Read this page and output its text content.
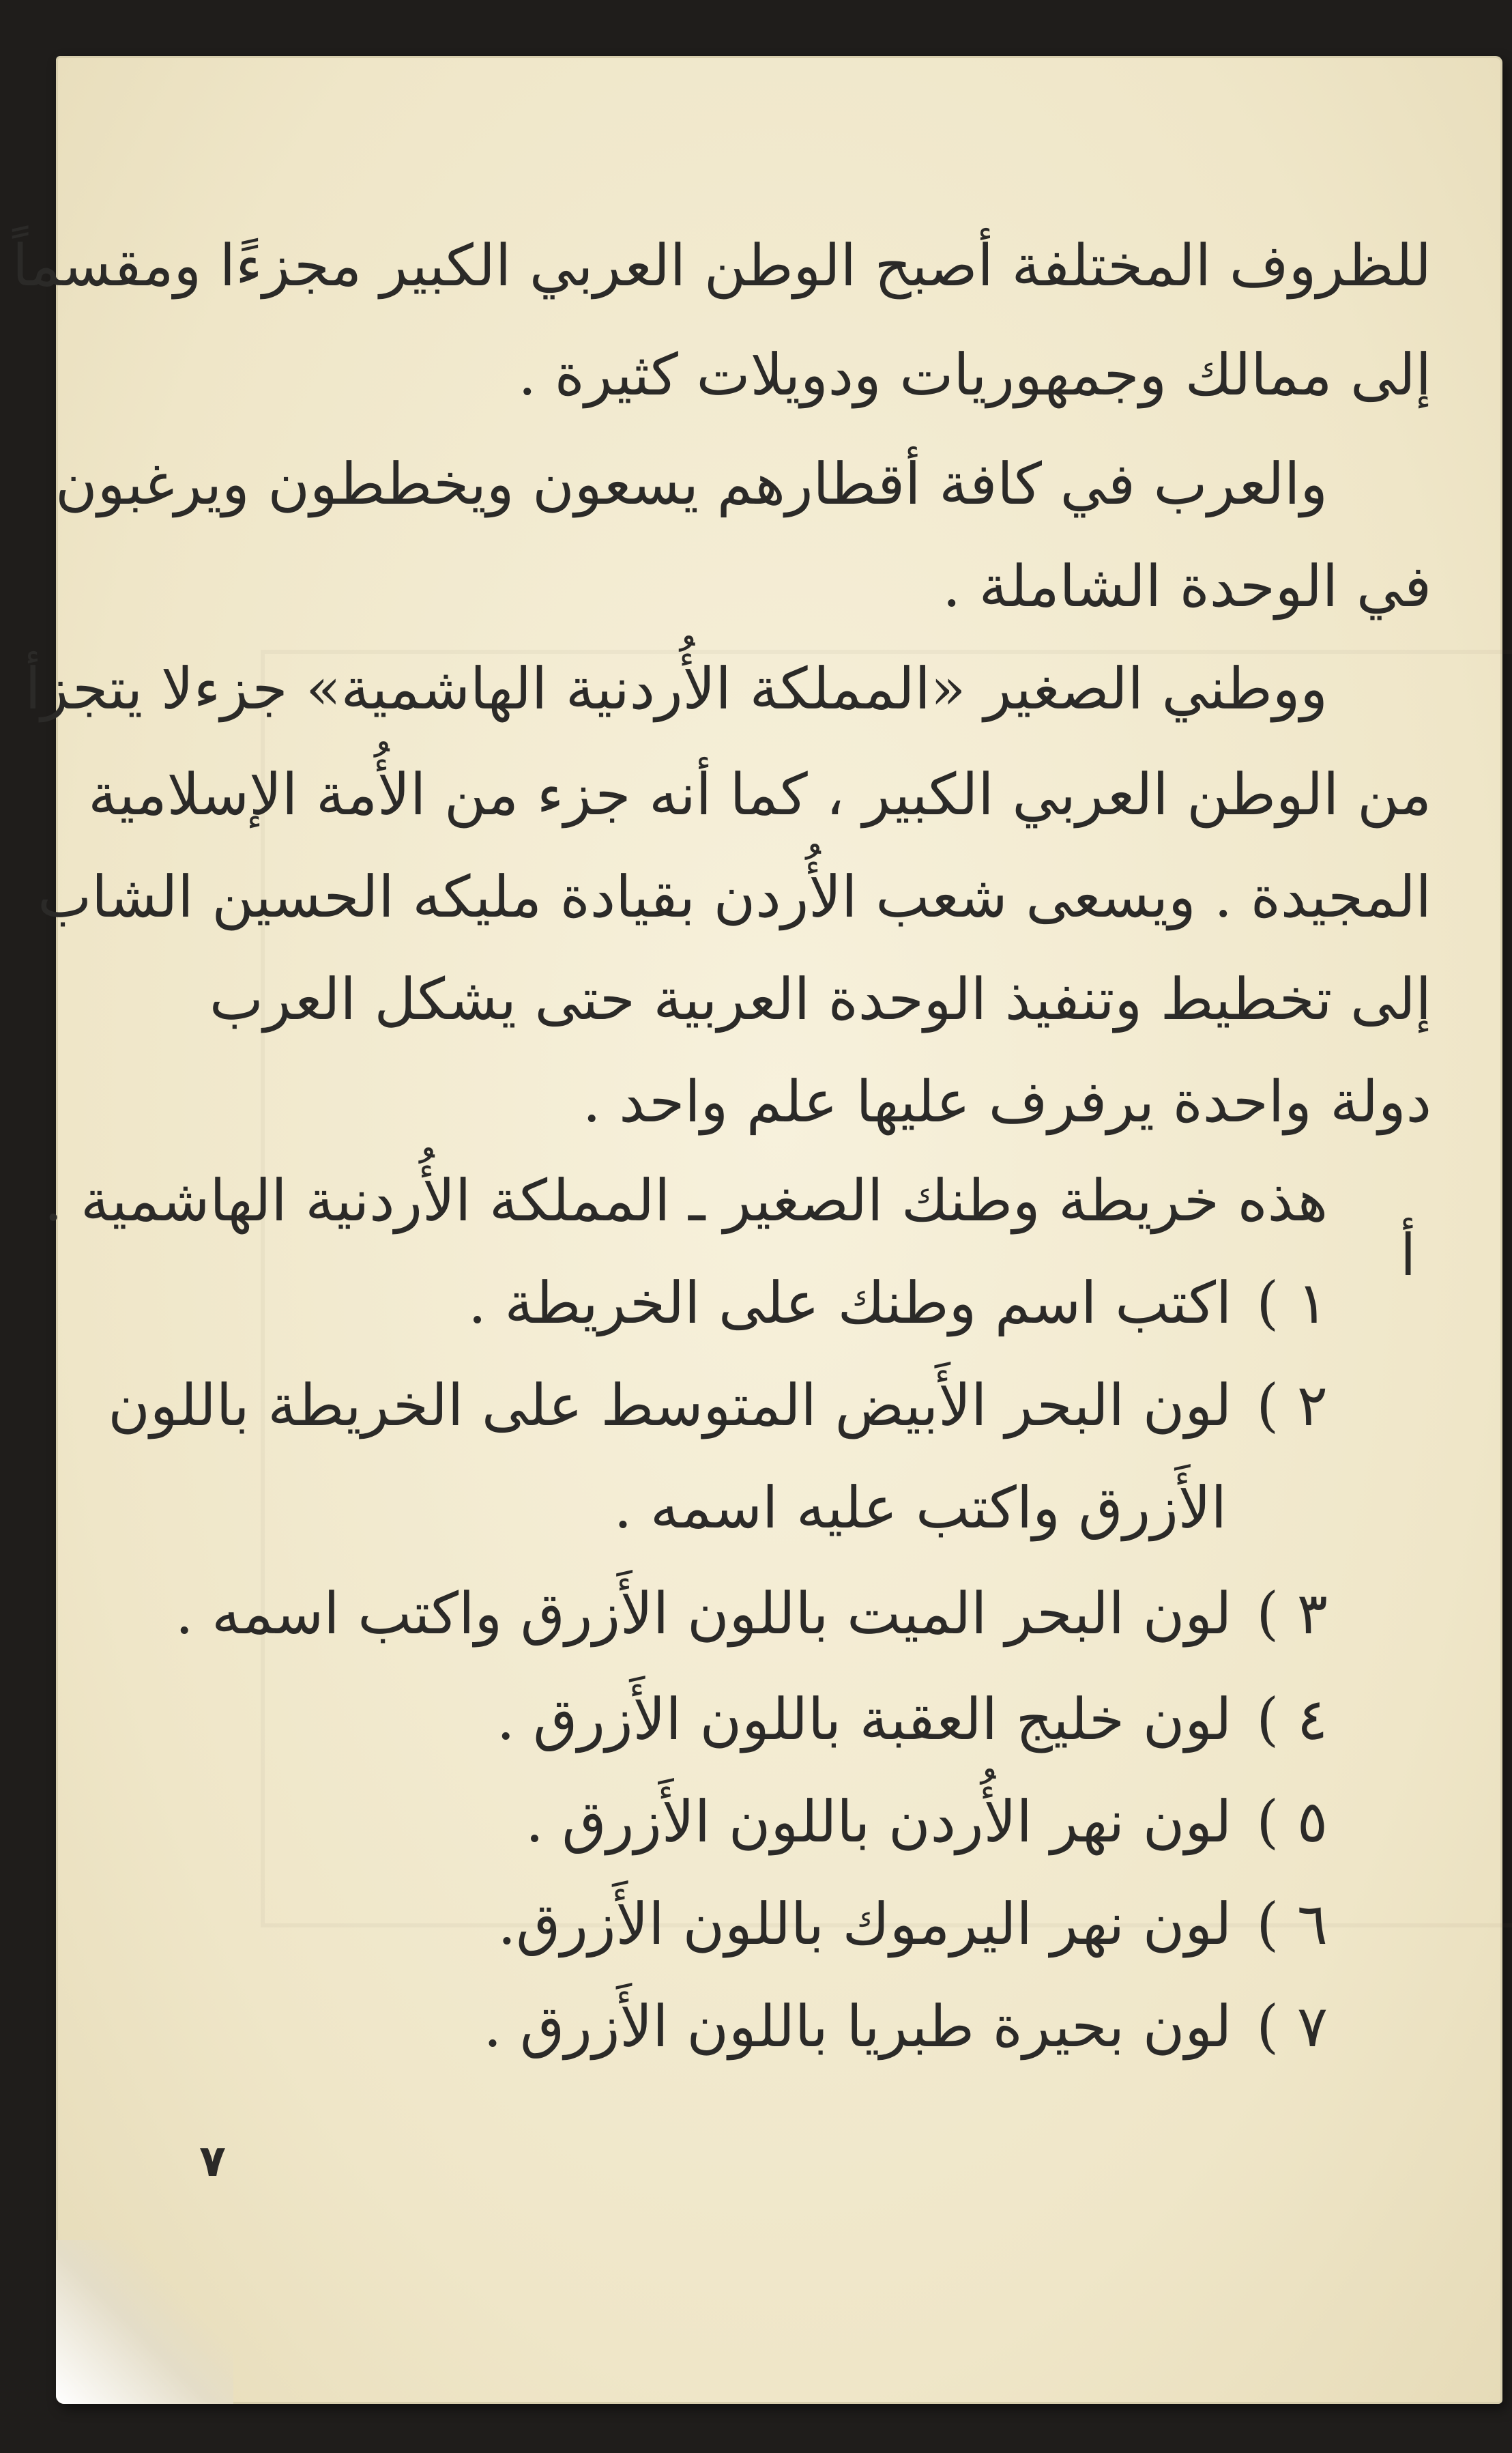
للظروف المختلفة أصبح الوطن العربي الكبير مجزءًا ومقسماً
إلى ممالك وجمهوريات ودويلات كثيرة .
والعرب في كافة أقطارهم يسعون ويخططون ويرغبون
في الوحدة الشاملة .
ووطني الصغير «المملكة الأُردنية الهاشمية» جزءلا يتجزأ
من الوطن العربي الكبير ، كما أنه جزء من الأُمة الإسلامية
المجيدة . ويسعى شعب الأُردن بقيادة مليكه الحسين الشاب
إلى تخطيط وتنفيذ الوحدة العربية حتى يشكل العرب
دولة واحدة يرفرف عليها علم واحد .
هذه خريطة وطنك الصغير ـ المملكة الأُردنية الهاشمية .
أ
١ )اكتب اسم وطنك على الخريطة .
٢ )لون البحر الأَبيض المتوسط على الخريطة باللون
الأَزرق واكتب عليه اسمه .
٣ )لون البحر الميت باللون الأَزرق واكتب اسمه .
٤ )لون خليج العقبة باللون الأَزرق .
٥ )لون نهر الأُردن باللون الأَزرق .
٦ )لون نهر اليرموك باللون الأَزرق.
٧ )لون بحيرة طبريا باللون الأَزرق .
٧
